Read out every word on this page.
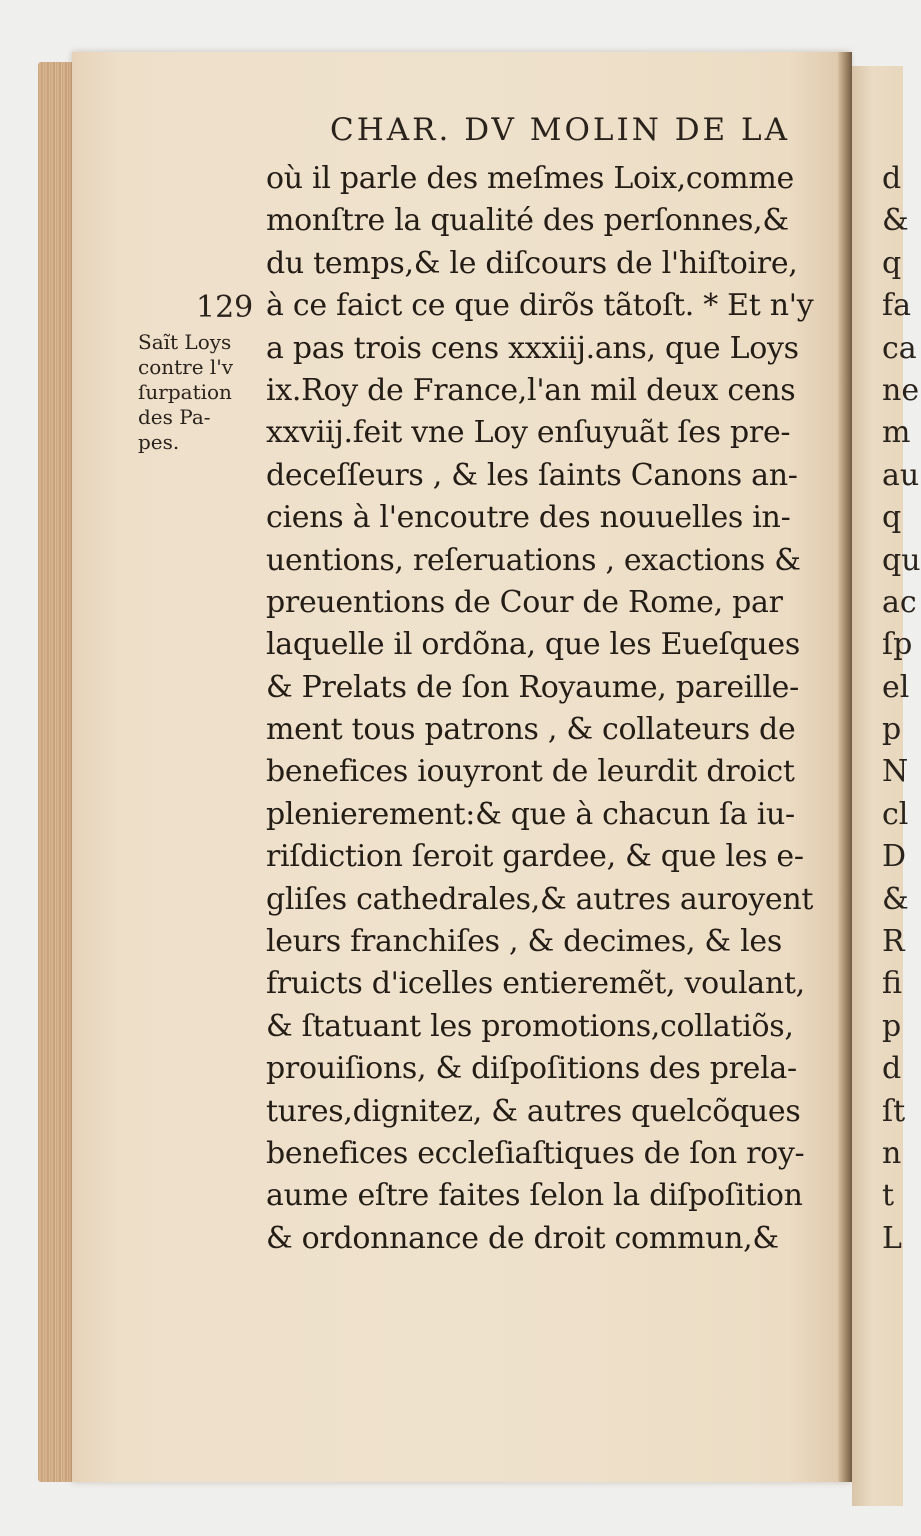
CHAR. DV MOLIN DE LA
129
Saĩt Loys
contre l'v
ſurpation
des Pa-
pes.
où il parle des meſmes Loix,comme
monſtre la qualité des perſonnes,&
du temps,& le diſcours de l'hiſtoire,
à ce faict ce que dirõs tãtoſt. * Et n'y
a pas trois cens xxxiij.ans, que Loys
ix.Roy de France,l'an mil deux cens
xxviij.feit vne Loy enſuyuãt ſes pre-
deceſſeurs , & les ſaints Canons an-
ciens à l'encoutre des nouuelles in-
uentions, reſeruations , exactions &
preuentions de Cour de Rome, par
laquelle il ordõna, que les Eueſques
& Prelats de ſon Royaume, pareille-
ment tous patrons , & collateurs de
benefices iouyront de leurdit droict
plenierement:& que à chacun ſa iu-
riſdiction ſeroit gardee, & que les e-
gliſes cathedrales,& autres auroyent
leurs franchiſes , & decimes, & les
fruicts d'icelles entieremẽt, voulant,
& ſtatuant les promotions,collatiõs,
prouiſions, & diſpoſitions des prela-
tures,dignitez, & autres quelcõques
benefices eccleſiaſtiques de ſon roy-
aume eſtre faites ſelon la diſpoſition
& ordonnance de droit commun,&
d
&
q
fa
ca
ne
m
au
q
qu
ac
ſp
el
p
N
cl
D
&
R
fi
p
d
ſt
n
t
L
